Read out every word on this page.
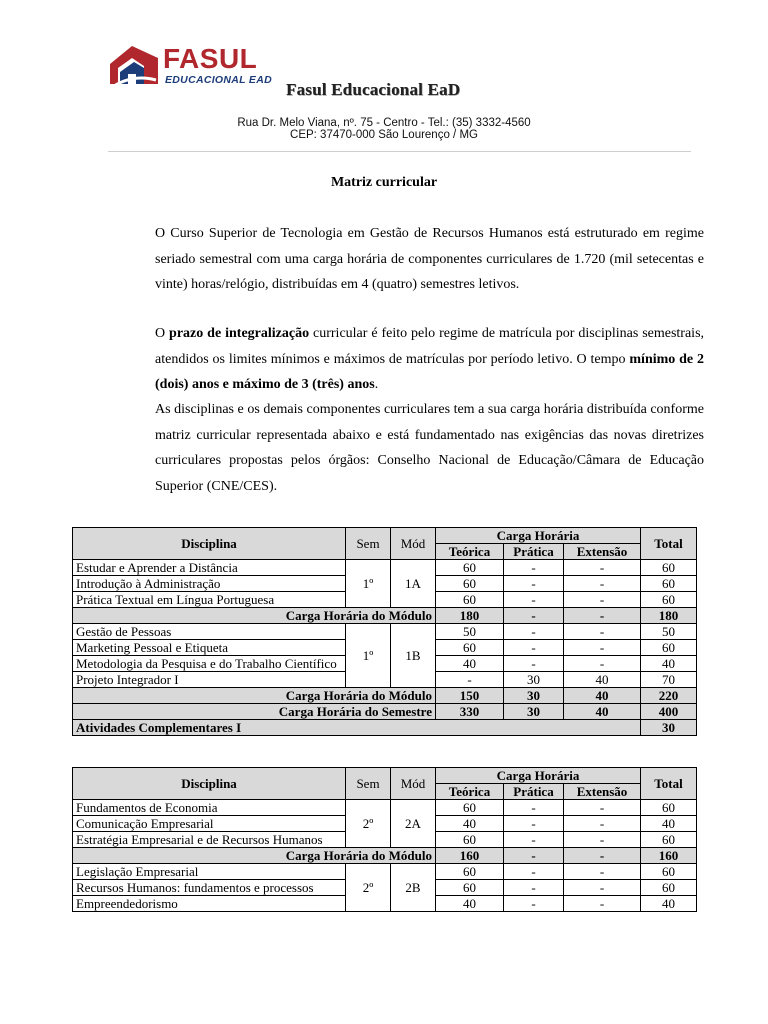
FASUL
EDUCACIONAL EAD Fasul Educacional EaD
Rua Dr. Melo Viana, nº. 75 - Centro - Tel.: (35) 3332-4560
CEP: 37470-000 São Lourenço / MG
Matriz curricular
O Curso Superior de Tecnologia em Gestão de Recursos Humanos está estruturado em regime seriado semestral com uma carga horária de componentes curriculares de 1.720 (mil setecentas e vinte) horas/relógio, distribuídas em 4 (quatro) semestres letivos.
O prazo de integralização curricular é feito pelo regime de matrícula por disciplinas semestrais, atendidos os limites mínimos e máximos de matrículas por período letivo. O tempo mínimo de 2 (dois) anos e máximo de 3 (três) anos.
As disciplinas e os demais componentes curriculares tem a sua carga horária distribuída conforme matriz curricular representada abaixo e está fundamentado nas exigências das novas diretrizes curriculares propostas pelos órgãos: Conselho Nacional de Educação/Câmara de Educação Superior (CNE/CES).
Disciplina	Sem	Mód	Carga Horária			Total
			Teórica	Prática	Extensão	
Estudar e Aprender a Distância	1º	1A	60	-	-	60
Introdução à Administração			60	-	-	60
Prática Textual em Língua Portuguesa			60	-	-	60
Carga Horária do Módulo			180	-	-	180
Gestão de Pessoas	1º	1B	50	-	-	50
Marketing Pessoal e Etiqueta			60	-	-	60
Metodologia da Pesquisa e do Trabalho Científico			40	-	-	40
Projeto Integrador I			-	30	40	70
Carga Horária do Módulo			150	30	40	220
Carga Horária do Semestre			330	30	40	400
Atividades Complementares I						30
Disciplina	Sem	Mód	Carga Horária			Total
			Teórica	Prática	Extensão	
Fundamentos de Economia	2º	2A	60	-	-	60
Comunicação Empresarial			40	-	-	40
Estratégia Empresarial e de Recursos Humanos			60	-	-	60
Carga Horária do Módulo			160	-	-	160
Legislação Empresarial	2º	2B	60	-	-	60
Recursos Humanos: fundamentos e processos			60	-	-	60
Empreendedorismo			40	-	-	40
